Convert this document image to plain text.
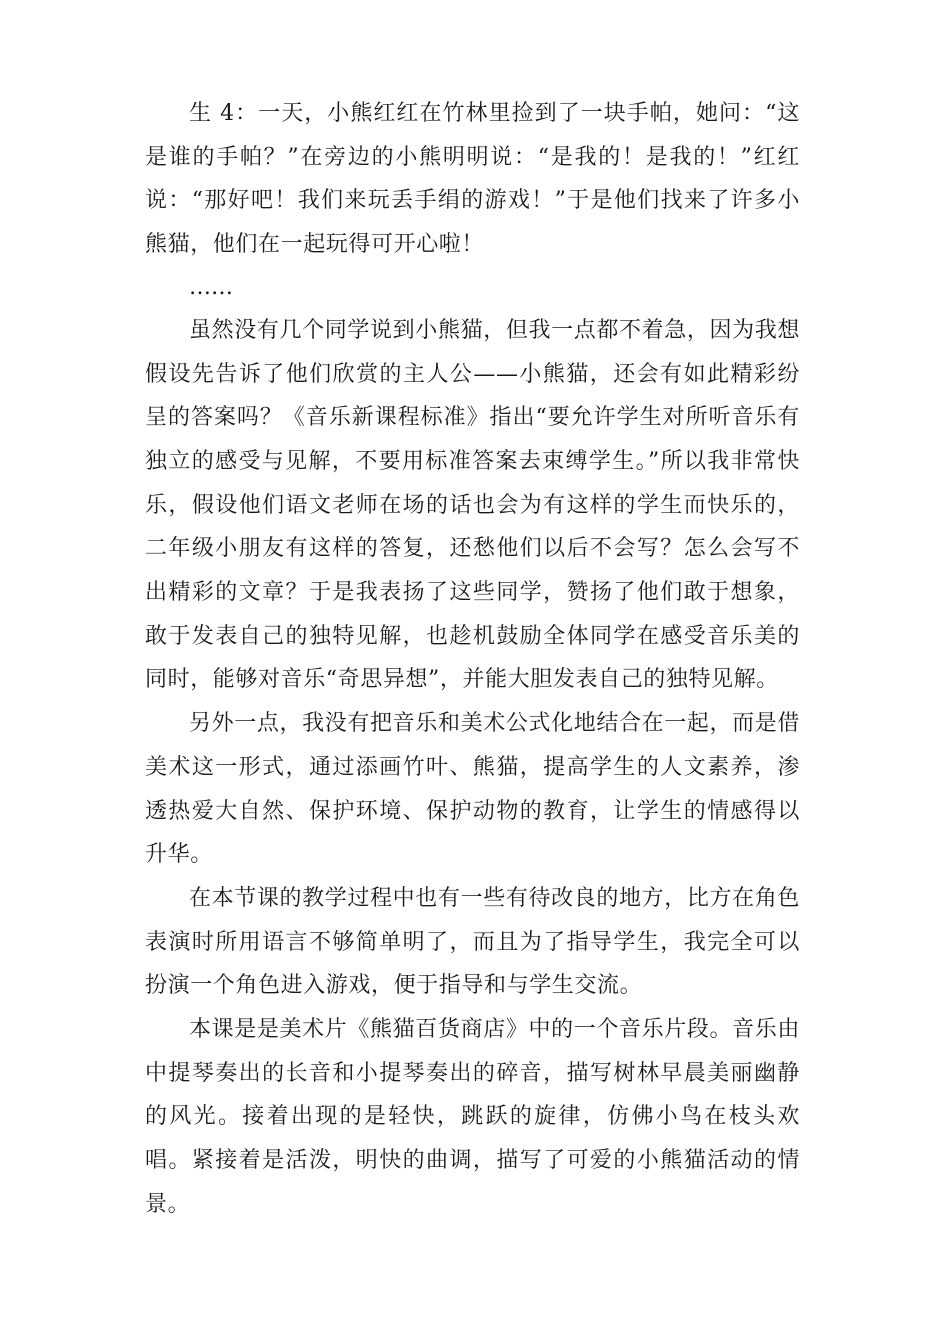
生 4：一天，小熊红红在竹林里捡到了一块手帕，她问：“这是谁的手帕？”在旁边的小熊明明说：“是我的！是我的！”红红说：“那好吧！我们来玩丢手绢的游戏！”于是他们找来了许多小熊猫，他们在一起玩得可开心啦！

……

虽然没有几个同学说到小熊猫，但我一点都不着急，因为我想假设先告诉了他们欣赏的主人公——小熊猫，还会有如此精彩纷呈的答案吗？《音乐新课程标准》指出“要允许学生对所听音乐有独立的感受与见解，不要用标准答案去束缚学生。”所以我非常快乐，假设他们语文老师在场的话也会为有这样的学生而快乐的，二年级小朋友有这样的答复，还愁他们以后不会写？怎么会写不出精彩的文章？于是我表扬了这些同学，赞扬了他们敢于想象，敢于发表自己的独特见解，也趁机鼓励全体同学在感受音乐美的同时，能够对音乐“奇思异想”，并能大胆发表自己的独特见解。

另外一点，我没有把音乐和美术公式化地结合在一起，而是借美术这一形式，通过添画竹叶、熊猫，提高学生的人文素养，渗透热爱大自然、保护环境、保护动物的教育，让学生的情感得以升华。

在本节课的教学过程中也有一些有待改良的地方，比方在角色表演时所用语言不够简单明了，而且为了指导学生，我完全可以扮演一个角色进入游戏，便于指导和与学生交流。

本课是是美术片《熊猫百货商店》中的一个音乐片段。音乐由中提琴奏出的长音和小提琴奏出的碎音，描写树林早晨美丽幽静的风光。接着出现的是轻快，跳跃的旋律，仿佛小鸟在枝头欢唱。紧接着是活泼，明快的曲调，描写了可爱的小熊猫活动的情景。
